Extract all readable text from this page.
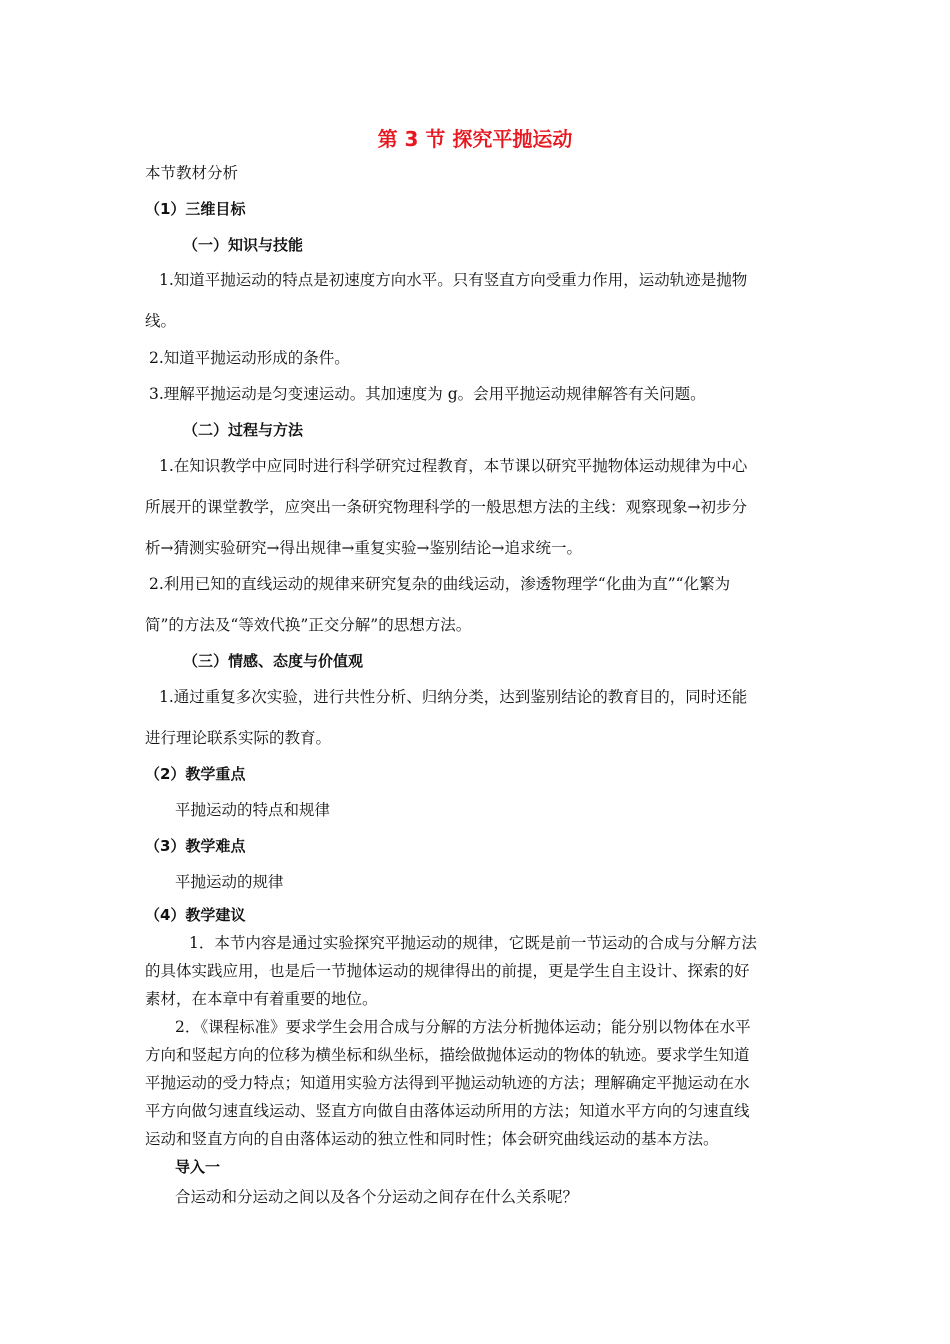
第 3 节 探究平抛运动
本节教材分析
（1）三维目标
（一）知识与技能
1.知道平抛运动的特点是初速度方向水平。只有竖直方向受重力作用，运动轨迹是抛物
线。
2.知道平抛运动形成的条件。
3.理解平抛运动是匀变速运动。其加速度为 g。会用平抛运动规律解答有关问题。
（二）过程与方法
1.在知识教学中应同时进行科学研究过程教育，本节课以研究平抛物体运动规律为中心
所展开的课堂教学，应突出一条研究物理科学的一般思想方法的主线：观察现象→初步分
析→猜测实验研究→得出规律→重复实验→鉴别结论→追求统一。
2.利用已知的直线运动的规律来研究复杂的曲线运动，渗透物理学“化曲为直”“化繁为
简”的方法及“等效代换”正交分解”的思想方法。
（三）情感、态度与价值观
1.通过重复多次实验，进行共性分析、归纳分类，达到鉴别结论的教育目的，同时还能
进行理论联系实际的教育。
（2）教学重点
平抛运动的特点和规律
（3）教学难点
平抛运动的规律
（4）教学建议
1．本节内容是通过实验探究平抛运动的规律，它既是前一节运动的合成与分解方法
的具体实践应用，也是后一节抛体运动的规律得出的前提，更是学生自主设计、探索的好
素材，在本章中有着重要的地位。
2．《课程标准》要求学生会用合成与分解的方法分析抛体运动；能分别以物体在水平
方向和竖起方向的位移为横坐标和纵坐标，描绘做抛体运动的物体的轨迹。要求学生知道
平抛运动的受力特点；知道用实验方法得到平抛运动轨迹的方法；理解确定平抛运动在水
平方向做匀速直线运动、竖直方向做自由落体运动所用的方法；知道水平方向的匀速直线
运动和竖直方向的自由落体运动的独立性和同时性；体会研究曲线运动的基本方法。
导入一
合运动和分运动之间以及各个分运动之间存在什么关系呢？
